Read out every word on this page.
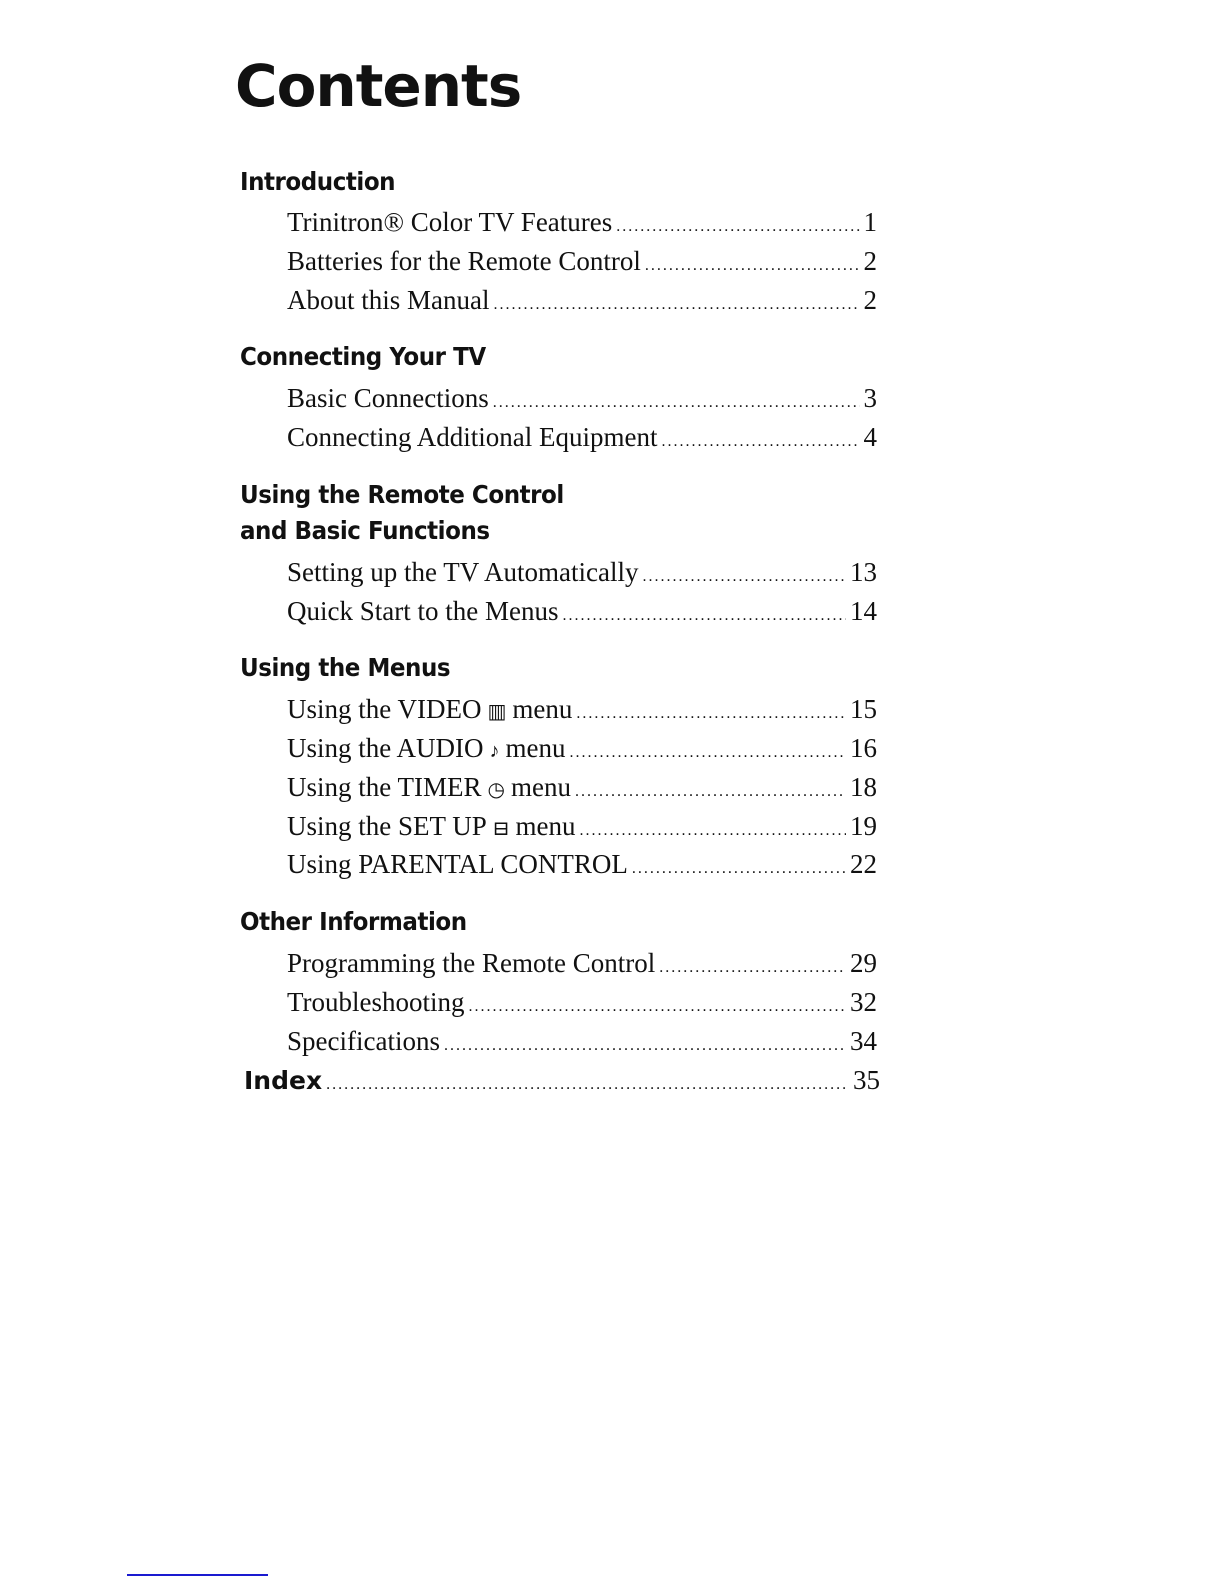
Contents
Introduction
Trinitron® Color TV Features .....	1
Batteries for the Remote Control .....	2
About this Manual .....	2
Connecting Your TV
Basic Connections .....	3
Connecting Additional Equipment .....	4
Using the Remote Control
and Basic Functions
Setting up the TV Automatically .....	13
Quick Start to the Menus .....	14
Using the Menus
Using the VIDEO ▥ menu .....	15
Using the AUDIO ♪ menu .....	16
Using the TIMER ◷ menu .....	18
Using the SET UP ⊟ menu .....	19
Using PARENTAL CONTROL .....	22
Other Information
Programming the Remote Control .....	29
Troubleshooting .....	32
Specifications .....	34
Index .....	35
